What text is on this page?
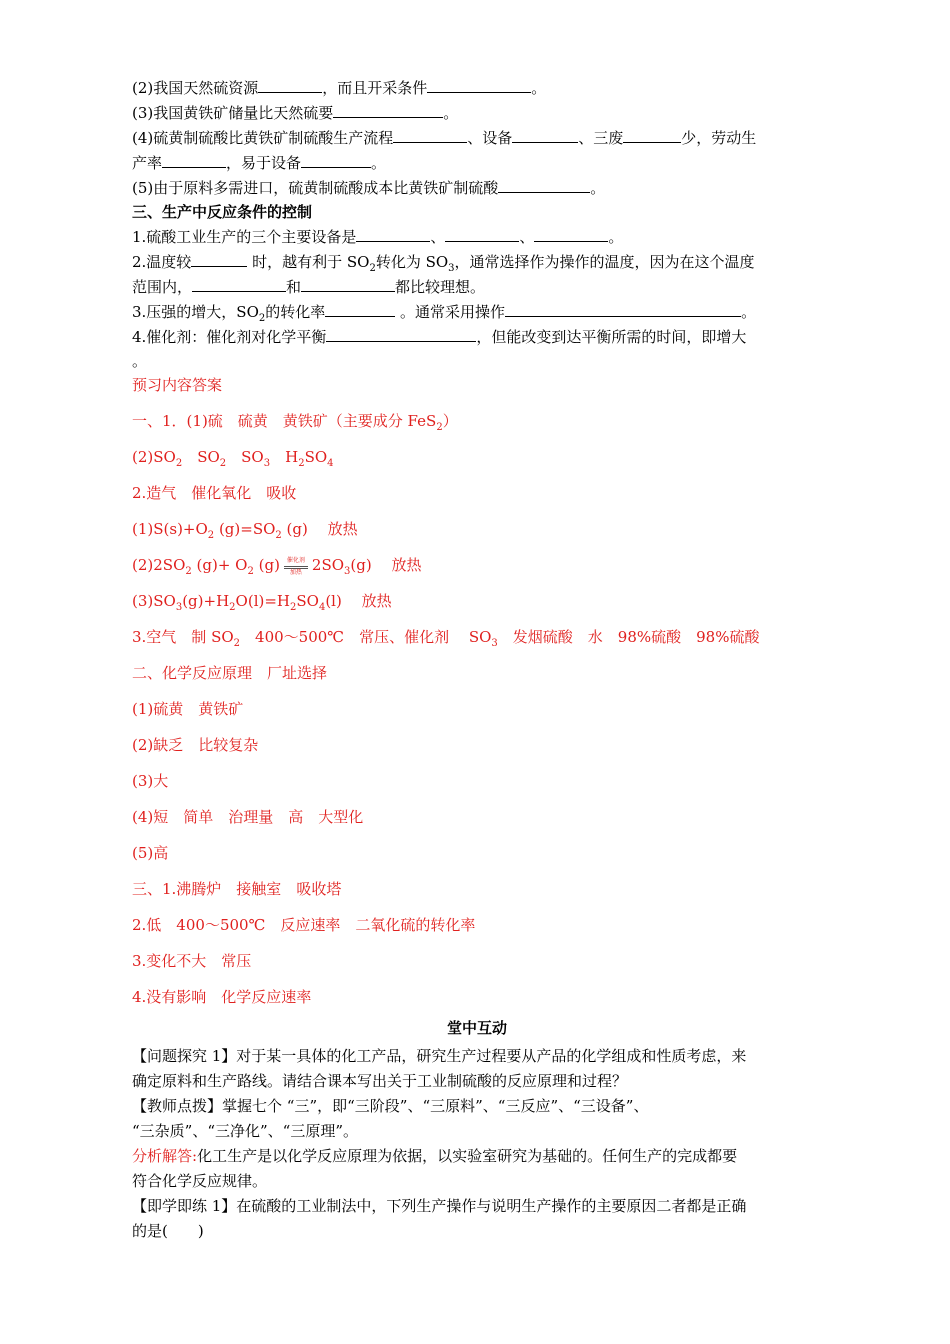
(2)我国天然硫资源	，而且开采条件	。
(3)我国黄铁矿储量比天然硫要	。
(4)硫黄制硫酸比黄铁矿制硫酸生产流程	、设备	、三废	少，劳动生
产率	，易于设备	。
(5)由于原料多需进口，硫黄制硫酸成本比黄铁矿制硫酸	。
三、生产中反应条件的控制
1.硫酸工业生产的三个主要设备是	、	、	。
2.温度较	时，越有利于 $SO_2$转化为 $SO_3$，通常选择作为操作的温度，因为在这个温度
范围内，	和	都比较理想。
3.压强的增大，$SO_2$的转化率	。通常采用操作	。
4.催化剂：催化剂对化学平衡	，但能改变到达平衡所需的时间，即增大
。
预习内容答案
一、1．(1)硫　硫黄　黄铁矿（主要成分 FeS$_2$）
$(2)SO_2$　$SO_2$　$SO_3$　$H_2SO_4$
2.造气　催化氧化　吸收
$(1)S(s)+O_2$ $(g)=SO_2$ (g)　 放热
$(2)2SO_2$ $(g)+ O_2$ (g)	催化剂
加热 $2SO_3(g)$　 放热
$(3)SO_3(g)+H_2O(l)=H_2SO_4(l)$　 放热
3.空气　制 $SO_2$　400～500℃　常压、催化剂　 $SO_3$　发烟硫酸　水　98%硫酸　98%硫酸
二、化学反应原理　厂址选择
(1)硫黄　黄铁矿
(2)缺乏　比较复杂
(3)大
(4)短　简单　治理量　高　大型化
(5)高
三、1.沸腾炉　接触室　吸收塔
2.低　400～500℃　反应速率　二氧化硫的转化率
3.变化不大　常压
4.没有影响　化学反应速率
堂中互动
【问题探究 1】对于某一具体的化工产品，研究生产过程要从产品的化学组成和性质考虑，来
确定原料和生产路线。请结合课本写出关于工业制硫酸的反应原理和过程？
【教师点拨】掌握七个 “三”，即“三阶段”、“三原料”、“三反应”、“三设备”、
“三杂质”、“三净化”、“三原理”。
分析解答:化工生产是以化学反应原理为依据，以实验室研究为基础的。任何生产的完成都要
符合化学反应规律。
【即学即练 1】在硫酸的工业制法中，下列生产操作与说明生产操作的主要原因二者都是正确
的是(　　)
